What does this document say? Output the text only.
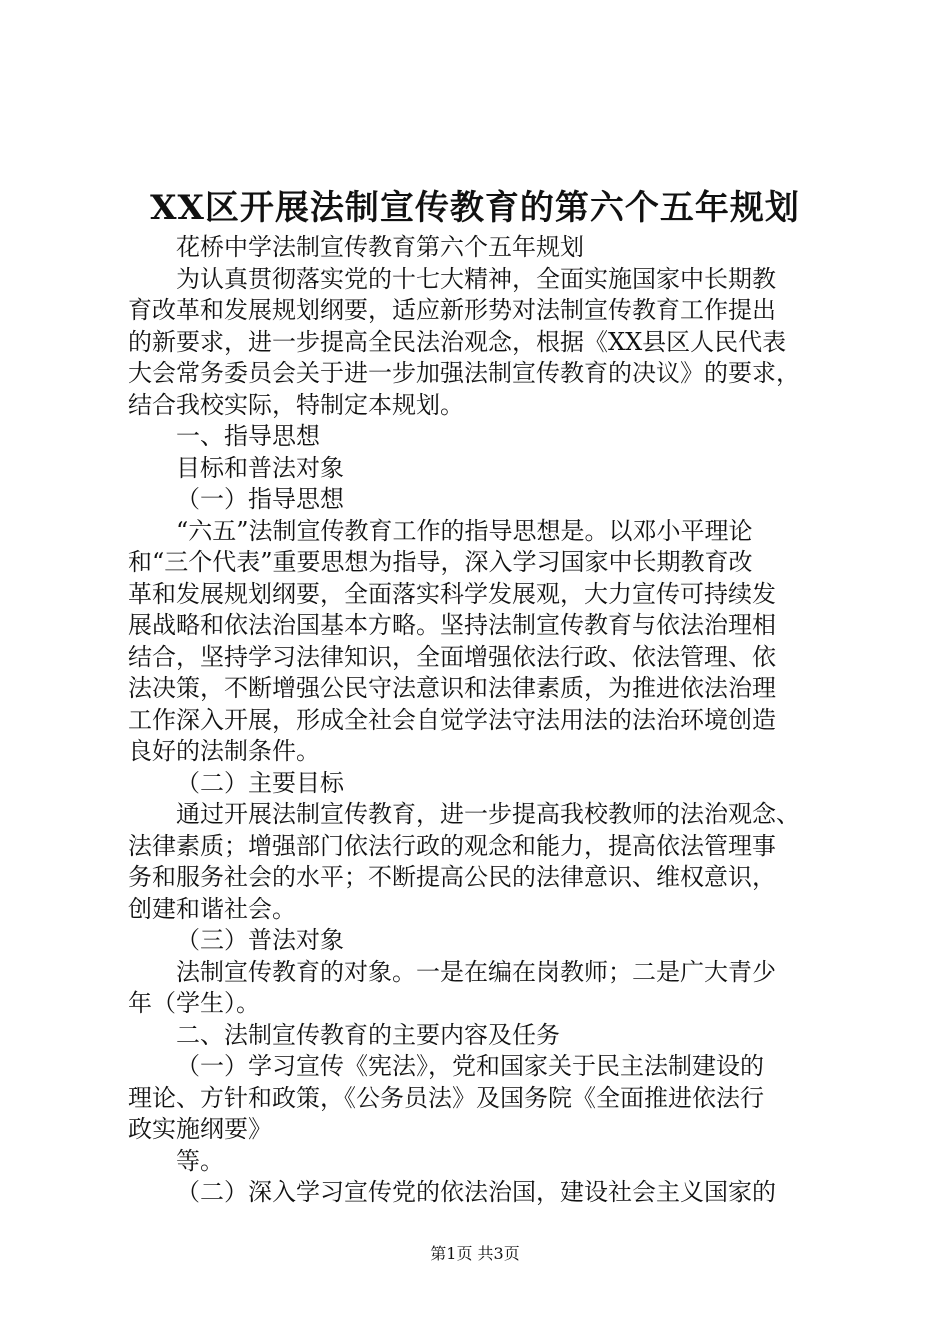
XX区开展法制宣传教育的第六个五年规划

花桥中学法制宣传教育第六个五年规划

为认真贯彻落实党的十七大精神，全面实施国家中长期教

育改革和发展规划纲要，适应新形势对法制宣传教育工作提出

的新要求，进一步提高全民法治观念，根据《XX县区人民代表

大会常务委员会关于进一步加强法制宣传教育的决议》的要求，

结合我校实际，特制定本规划。

一、指导思想

目标和普法对象

（一）指导思想

“六五”法制宣传教育工作的指导思想是。以邓小平理论

和“三个代表”重要思想为指导，深入学习国家中长期教育改

革和发展规划纲要，全面落实科学发展观，大力宣传可持续发

展战略和依法治国基本方略。坚持法制宣传教育与依法治理相

结合，坚持学习法律知识，全面增强依法行政、依法管理、依

法决策，不断增强公民守法意识和法律素质，为推进依法治理

工作深入开展，形成全社会自觉学法守法用法的法治环境创造

良好的法制条件。

（二）主要目标

通过开展法制宣传教育，进一步提高我校教师的法治观念、

法律素质；增强部门依法行政的观念和能力，提高依法管理事

务和服务社会的水平；不断提高公民的法律意识、维权意识，

创建和谐社会。

（三）普法对象

法制宣传教育的对象。一是在编在岗教师；二是广大青少

年（学生）。

二、法制宣传教育的主要内容及任务

（一）学习宣传《宪法》，党和国家关于民主法制建设的

理论、方针和政策，《公务员法》及国务院《全面推进依法行

政实施纲要》

等。

（二）深入学习宣传党的依法治国，建设社会主义国家的

第1页 共3页
